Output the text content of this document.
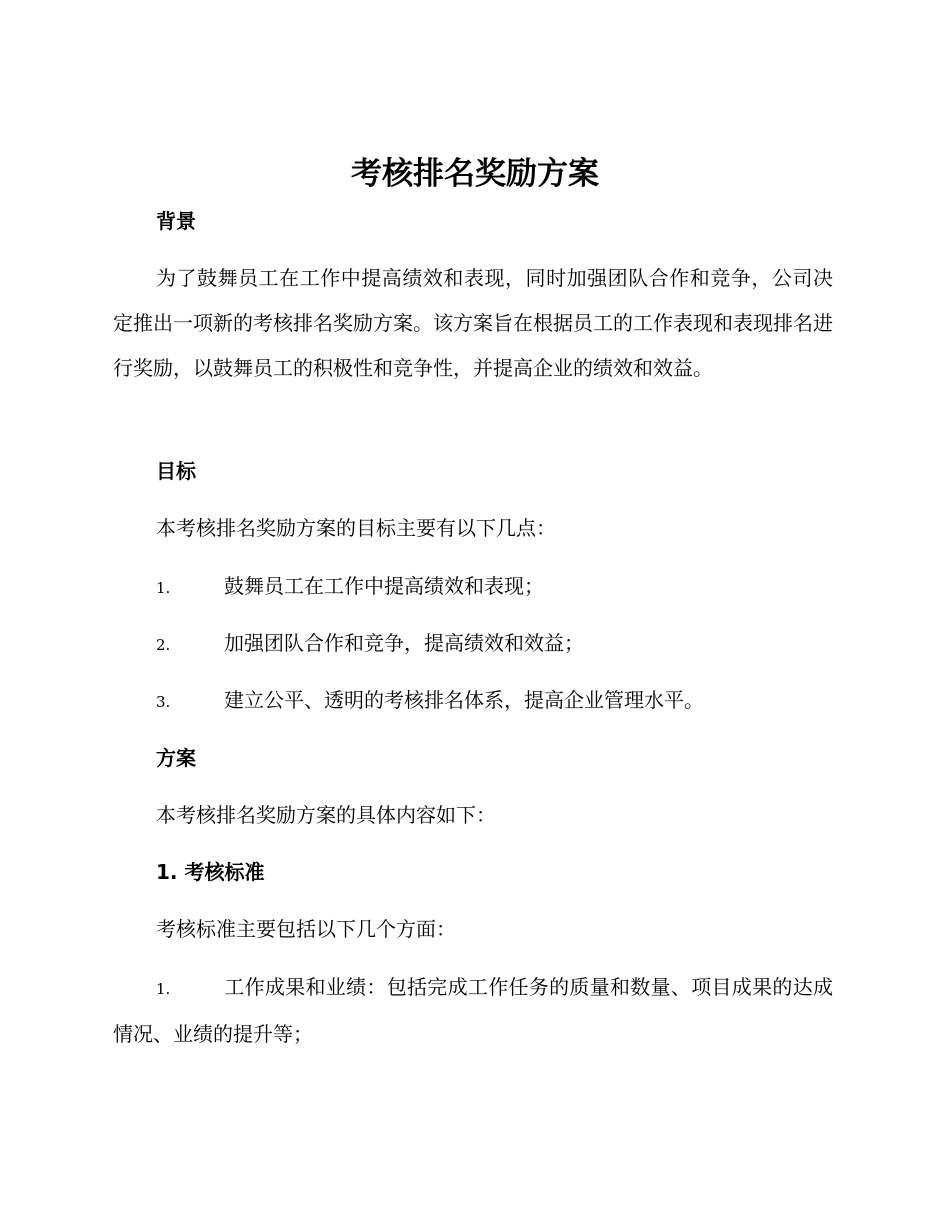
考核排名奖励方案
背景

为了鼓舞员工在工作中提高绩效和表现，同时加强团队合作和竞争，公司决定推出一项新的考核排名奖励方案。该方案旨在根据员工的工作表现和表现排名进行奖励，以鼓舞员工的积极性和竞争性，并提高企业的绩效和效益。

目标

本考核排名奖励方案的目标主要有以下几点：

1.	鼓舞员工在工作中提高绩效和表现；
2.	加强团队合作和竞争，提高绩效和效益；
3.	建立公平、透明的考核排名体系，提高企业管理水平。
方案

本考核排名奖励方案的具体内容如下：

1. 考核标准

考核标准主要包括以下几个方面：

1.	工作成果和业绩：包括完成工作任务的质量和数量、项目成果的达成情况、业绩的提升等；
